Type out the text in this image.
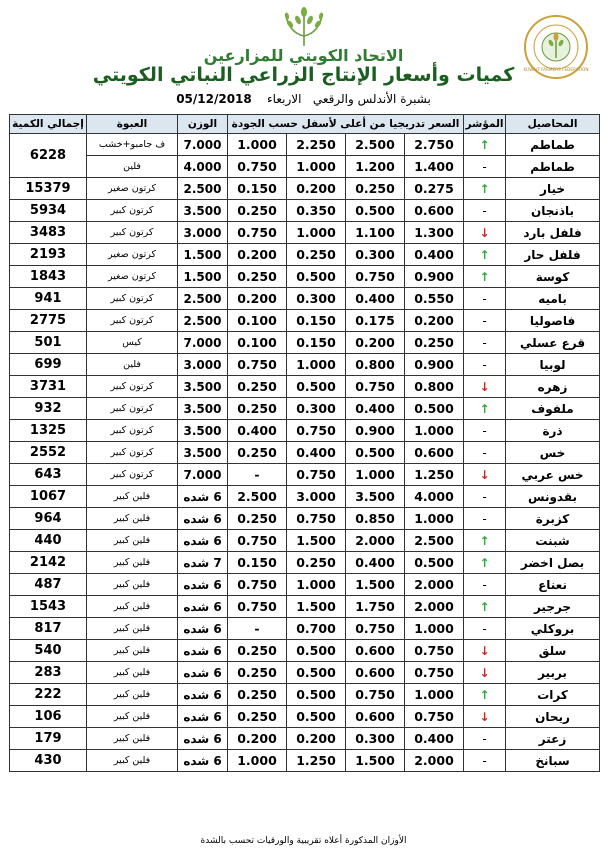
KUWAIT FARMERS FEDERATION
الاتحاد الكويتي للمزارعين
كميات وأسعار الإنتاج الزراعي النباتي الكويتي
بشبرة الأندلس والرقعي   الاربعاء    05/12/2018
المحاصيل	المؤشر	السعر تدريجيا من أعلى لأسفل حسب الجودة				الوزن	العبوة	إجمالي الكمية
طماطم	↑	2.750	2.500	2.250	1.000	7.000	ف جامبو+خشب	6228
طماطم	-	1.400	1.200	1.000	0.750	4.000	فلين	
خيار	↑	0.275	0.250	0.200	0.150	2.500	كرتون صغير	15379
باذنجان	-	0.600	0.500	0.350	0.250	3.500	كرتون كبير	5934
فلفل بارد	↓	1.300	1.100	1.000	0.750	3.000	كرتون كبير	3483
فلفل حار	↑	0.400	0.300	0.250	0.200	1.500	كرتون صغير	2193
كوسة	↑	0.900	0.750	0.500	0.250	1.500	كرتون صغير	1843
باميه	-	0.550	0.400	0.300	0.200	2.500	كرتون كبير	941
فاصوليا	-	0.200	0.175	0.150	0.100	2.500	كرتون كبير	2775
قرع عسلي	-	0.250	0.200	0.150	0.100	7.000	كيس	501
لوبيا	-	0.900	0.800	1.000	0.750	3.000	فلين	699
زهره	↓	0.800	0.750	0.500	0.250	3.500	كرتون كبير	3731
ملفوف	↑	0.500	0.400	0.300	0.250	3.500	كرتون كبير	932
ذرة	-	1.000	0.900	0.750	0.400	3.500	كرتون كبير	1325
خس	-	0.600	0.500	0.400	0.250	3.500	كرتون كبير	2552
خس عربي	↓	1.250	1.000	0.750	-	7.000	كرتون كبير	643
بقدونس	-	4.000	3.500	3.000	2.500	6 شده	فلين كبير	1067
كزبرة	-	1.000	0.850	0.750	0.250	6 شده	فلين كبير	964
شبنت	↑	2.500	2.000	1.500	0.750	6 شده	فلين كبير	440
بصل اخضر	↑	0.500	0.400	0.250	0.150	7 شده	فلين كبير	2142
نعناع	-	2.000	1.500	1.000	0.750	6 شده	فلين كبير	487
جرجير	↑	2.000	1.750	1.500	0.750	6 شده	فلين كبير	1543
بروكلي	-	1.000	0.750	0.700	-	6 شده	فلين كبير	817
سلق	↓	0.750	0.600	0.500	0.250	6 شده	فلين كبير	540
بربير	↓	0.750	0.600	0.500	0.250	6 شده	فلين كبير	283
كرات	↑	1.000	0.750	0.500	0.250	6 شده	فلين كبير	222
ريحان	↓	0.750	0.600	0.500	0.250	6 شده	فلين كبير	106
زعتر	-	0.400	0.300	0.200	0.200	6 شده	فلين كبير	179
سبانخ	-	2.000	1.500	1.250	1.000	6 شده	فلين كبير	430
الأوزان المذكورة أعلاه تقريبية والورقيات تحسب بالشدة
